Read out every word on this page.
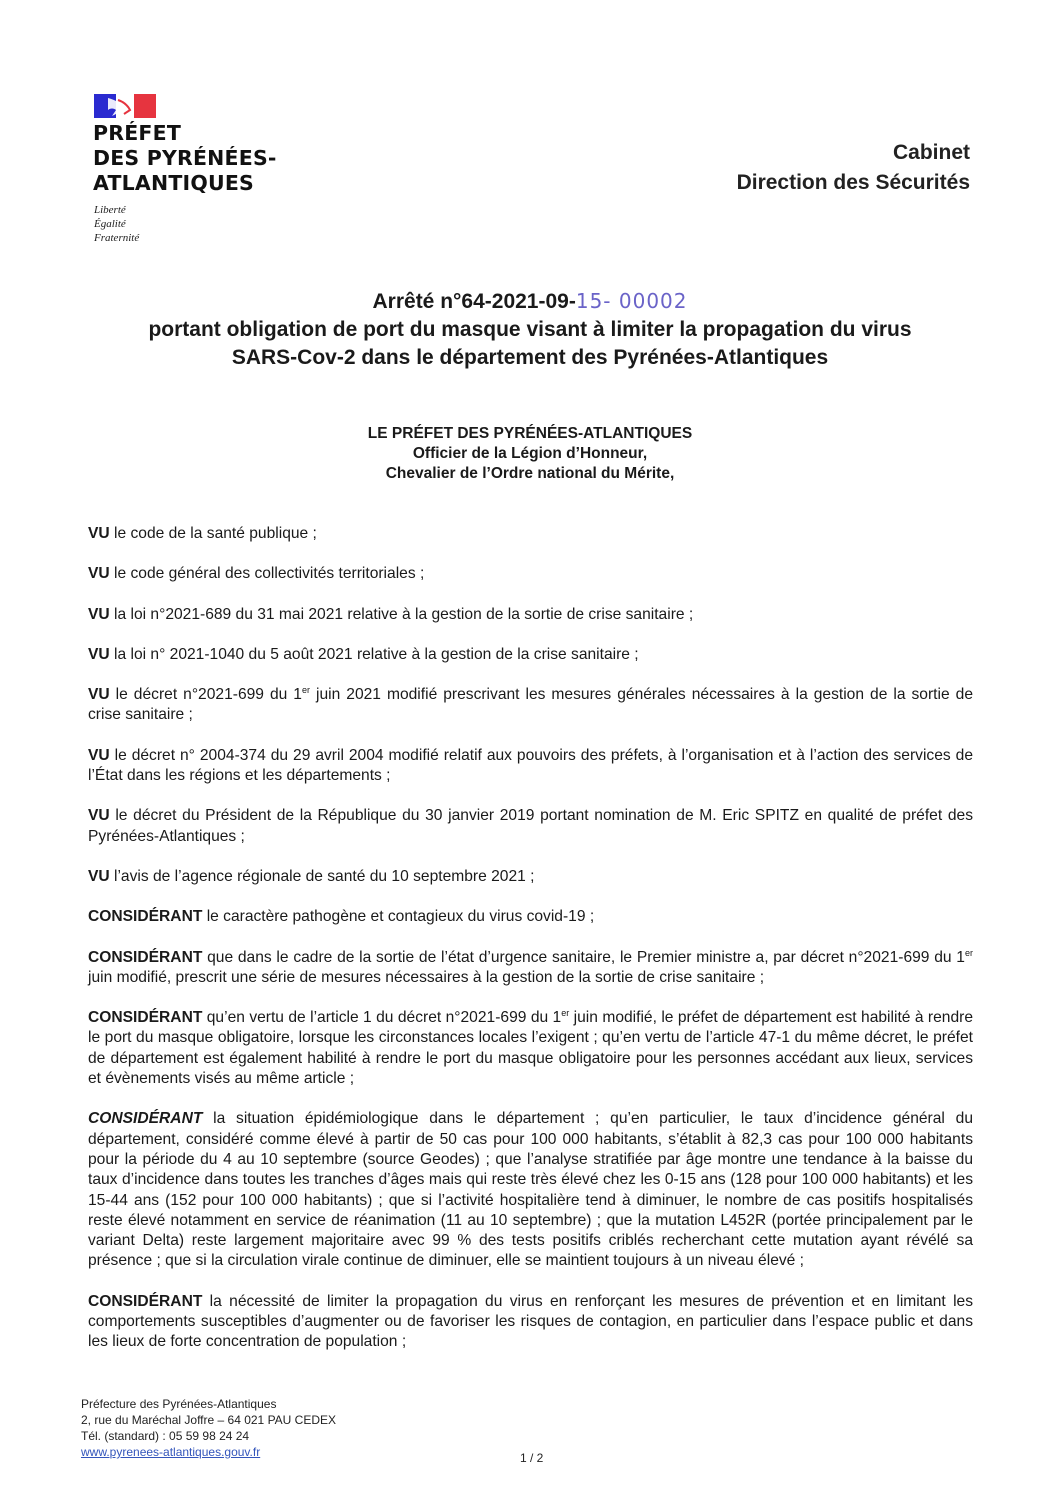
PRÉFET
DES PYRÉNÉES-
ATLANTIQUES
Liberté
Égalité
Fraternité
Cabinet
Direction des Sécurités
Arrêté n°64-2021-09-15- 00002
portant obligation de port du masque visant à limiter la propagation du virus
SARS-Cov-2 dans le département des Pyrénées-Atlantiques
LE PRÉFET DES PYRÉNÉES-ATLANTIQUES
Officier de la Légion d’Honneur,
Chevalier de l’Ordre national du Mérite,

VU le code de la santé publique ;

VU le code général des collectivités territoriales ;

VU la loi n°2021-689 du 31 mai 2021 relative à la gestion de la sortie de crise sanitaire ;

VU la loi n° 2021-1040 du 5 août 2021 relative à la gestion de la crise sanitaire ;

VU le décret n°2021-699 du 1er juin 2021 modifié prescrivant les mesures générales nécessaires à la gestion de la sortie de crise sanitaire ;

VU le décret n° 2004-374 du 29 avril 2004 modifié relatif aux pouvoirs des préfets, à l’organisation et à l’action des services de l’État dans les régions et les départements ;

VU le décret du Président de la République du 30 janvier 2019 portant nomination de M. Eric SPITZ en qualité de préfet des Pyrénées-Atlantiques ;

VU l’avis de l’agence régionale de santé du 10 septembre 2021 ;

CONSIDÉRANT le caractère pathogène et contagieux du virus covid-19 ;

CONSIDÉRANT que dans le cadre de la sortie de l’état d’urgence sanitaire, le Premier ministre a, par décret n°2021-699 du 1er juin modifié, prescrit une série de mesures nécessaires à la gestion de la sortie de crise sanitaire ;

CONSIDÉRANT qu’en vertu de l’article 1 du décret n°2021-699 du 1er juin modifié, le préfet de département est habilité à rendre le port du masque obligatoire, lorsque les circonstances locales l’exigent ; qu’en vertu de l’article 47-1 du même décret, le préfet de département est également habilité à rendre le port du masque obligatoire pour les personnes accédant aux lieux, services et évènements visés au même article ;

CONSIDÉRANT la situation épidémiologique dans le département ; qu’en particulier, le taux d’incidence général du département, considéré comme élevé à partir de 50 cas pour 100 000 habitants, s’établit à 82,3 cas pour 100 000 habitants pour la période du 4 au 10 septembre (source Geodes) ; que l’analyse stratifiée par âge montre une tendance à la baisse du taux d’incidence dans toutes les tranches d’âges mais qui reste très élevé chez les 0-15 ans (128 pour 100 000 habitants) et les 15-44 ans (152 pour 100 000 habitants) ; que si l’activité hospitalière tend à diminuer, le nombre de cas positifs hospitalisés reste élevé notamment en service de réanimation (11 au 10 septembre) ; que la mutation L452R (portée principalement par le variant Delta) reste largement majoritaire avec 99 % des tests positifs criblés recherchant cette mutation ayant révélé sa présence ; que si la circulation virale continue de diminuer, elle se maintient toujours à un niveau élevé ;

CONSIDÉRANT la nécessité de limiter la propagation du virus en renforçant les mesures de prévention et en limitant les comportements susceptibles d’augmenter ou de favoriser les risques de contagion, en particulier dans l’espace public et dans les lieux de forte concentration de population ;

Préfecture des Pyrénées-Atlantiques
2, rue du Maréchal Joffre – 64 021 PAU CEDEX
Tél. (standard) : 05 59 98 24 24
www.pyrenees-atlantiques.gouv.fr	1 / 2
